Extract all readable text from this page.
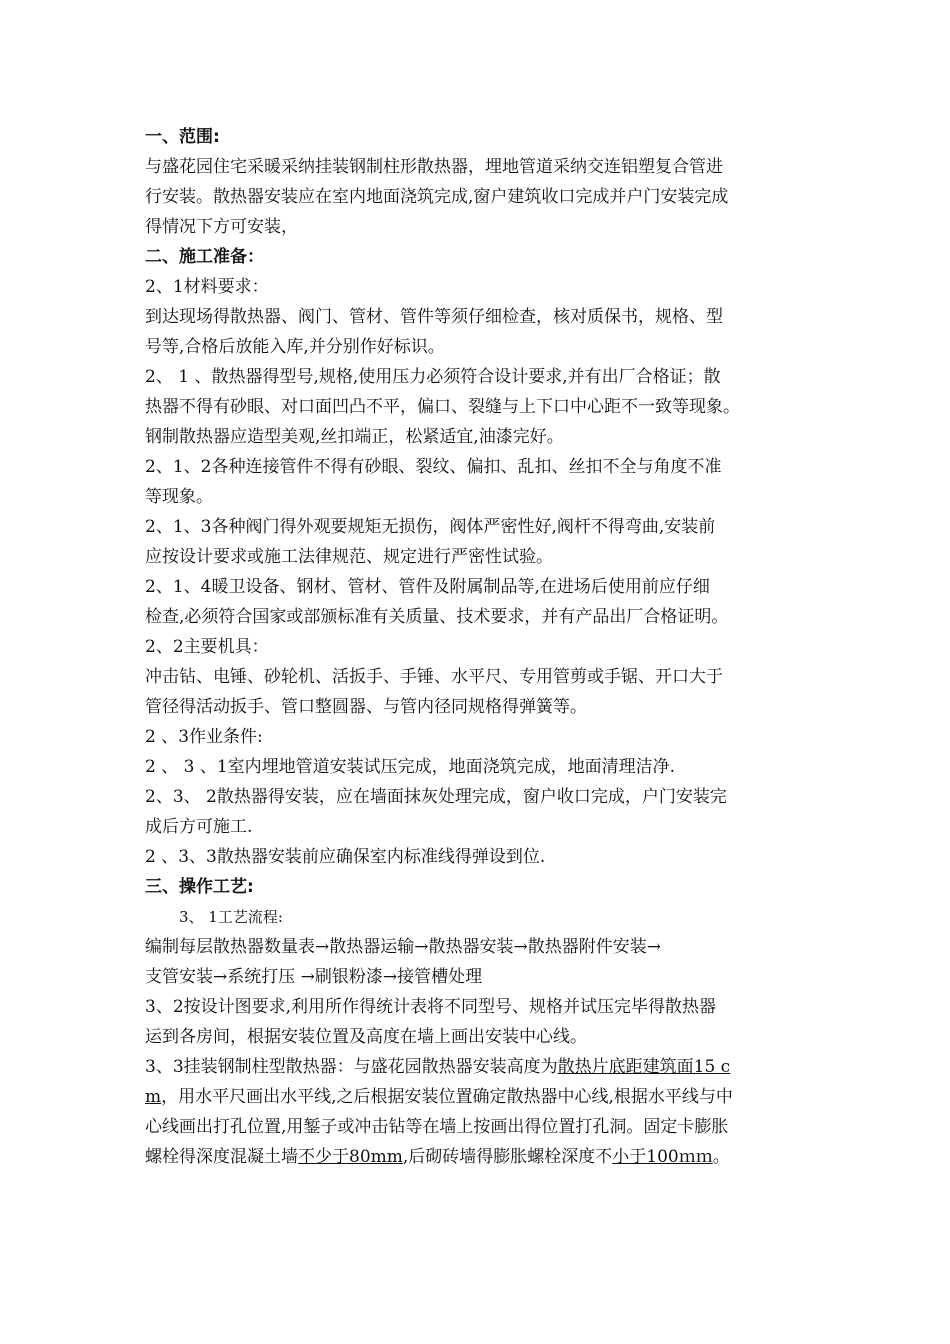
一、范围:
与盛花园住宅采暖采纳挂装钢制柱形散热器，埋地管道采纳交连铝塑复合管进
行安装。散热器安装应在室内地面浇筑完成,窗户建筑收口完成并户门安装完成
得情况下方可安装，
二、施工准备：
2、1材料要求：
到达现场得散热器、阀门、管材、管件等须仔细检查，核对质保书，规格、型
号等,合格后放能入库,并分别作好标识。
2、 1 、散热器得型号,规格,使用压力必须符合设计要求,并有出厂合格证；散
热器不得有砂眼、对口面凹凸不平，偏口、裂缝与上下口中心距不一致等现象。
钢制散热器应造型美观,丝扣端正，松紧适宜,油漆完好。
2、1、2各种连接管件不得有砂眼、裂纹、偏扣、乱扣、丝扣不全与角度不准
等现象。
2、1、3各种阀门得外观要规矩无损伤，阀体严密性好,阀杆不得弯曲,安装前
应按设计要求或施工法律规范、规定进行严密性试验。
2、1、4暖卫设备、钢材、管材、管件及附属制品等,在进场后使用前应仔细
检查,必须符合国家或部颁标准有关质量、技术要求，并有产品出厂合格证明。
2、2主要机具：
冲击钻、电锤、砂轮机、活扳手、手锤、水平尺、专用管剪或手锯、开口大于
管径得活动扳手、管口整圆器、与管内径同规格得弹簧等。
2 、3作业条件:
2 、 3 、1室内埋地管道安装试压完成，地面浇筑完成，地面清理洁净.
2、3、 2散热器得安装，应在墙面抹灰处理完成，窗户收口完成，户门安装完
成后方可施工.
2 、3、3散热器安装前应确保室内标准线得弹设到位.
三、操作工艺:
3、 1工艺流程:
编制每层散热器数量表→散热器运输→散热器安装→散热器附件安装→
支管安装→系统打压 →刷银粉漆→接管槽处理
3、2按设计图要求,利用所作得统计表将不同型号、规格并试压完毕得散热器
运到各房间，根据安装位置及高度在墙上画出安装中心线。
3、3挂装钢制柱型散热器：与盛花园散热器安装高度为散热片底距建筑面15 c
m，用水平尺画出水平线,之后根据安装位置确定散热器中心线,根据水平线与中
心线画出打孔位置,用錾子或冲击钻等在墙上按画出得位置打孔洞。固定卡膨胀
螺栓得深度混凝土墙不少于80mm,后砌砖墙得膨胀螺栓深度不小于100ｍｍ。
